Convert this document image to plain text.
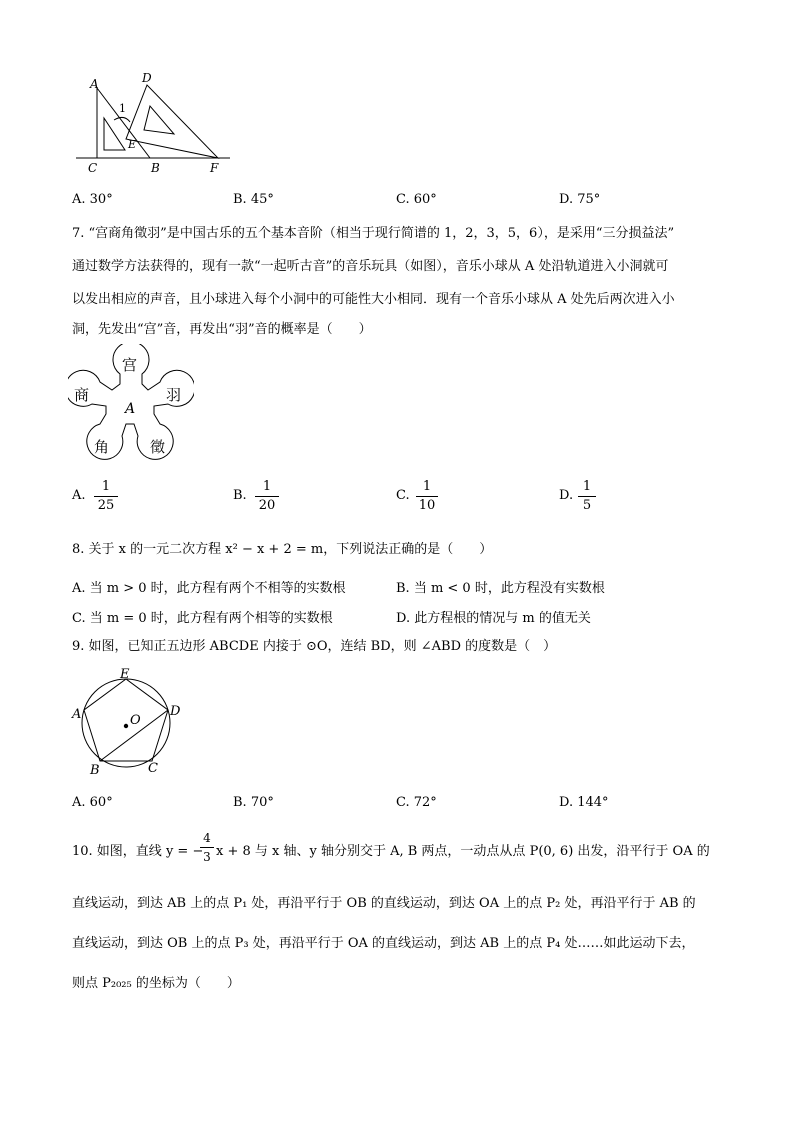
A	D
1
E
C	B	F
A. 30°	B. 45°	C. 60°	D. 75°
7. “宫商角徵羽”是中国古乐的五个基本音阶（相当于现行简谱的 1，2，3，5，6），是采用“三分损益法”
通过数学方法获得的，现有一款“一起听古音”的音乐玩具（如图），音乐小球从 A 处沿轨道进入小洞就可
以发出相应的声音，且小球进入每个小洞中的可能性大小相同．现有一个音乐小球从 A 处先后两次进入小
洞，先发出“宫”音，再发出“羽”音的概率是（　　）
宫
商	羽
角	徵
A
A. $\frac{1}{25}$	B. $\frac{1}{20}$	C. $\frac{1}{10}$	D. $\frac{1}{5}$
8. 关于 x 的一元二次方程 x² − x + 2 = m，下列说法正确的是（　　）
A. 当 m > 0 时，此方程有两个不相等的实数根	B. 当 m < 0 时，此方程没有实数根
C. 当 m = 0 时，此方程有两个相等的实数根	D. 此方程根的情况与 m 的值无关
9. 如图，已知正五边形 ABCDE 内接于 ⊙O，连结 BD，则 ∠ABD 的度数是（　）
O
E
A	D
B	C
A. 60°	B. 70°	C. 72°	D. 144°
10. 如图，直线 y = −
$\frac{4}{3}$ x + 8 与 x 轴、y 轴分别交于 A, B 两点，一动点从点 P(0, 6) 出发，沿平行于 OA 的
直线运动，到达 AB 上的点 P₁ 处，再沿平行于 OB 的直线运动，到达 OA 上的点 P₂ 处，再沿平行于 AB 的
直线运动，到达 OB 上的点 P₃ 处，再沿平行于 OA 的直线运动，到达 AB 上的点 P₄ 处……如此运动下去，
则点 P₂₀₂₅ 的坐标为（　　）
